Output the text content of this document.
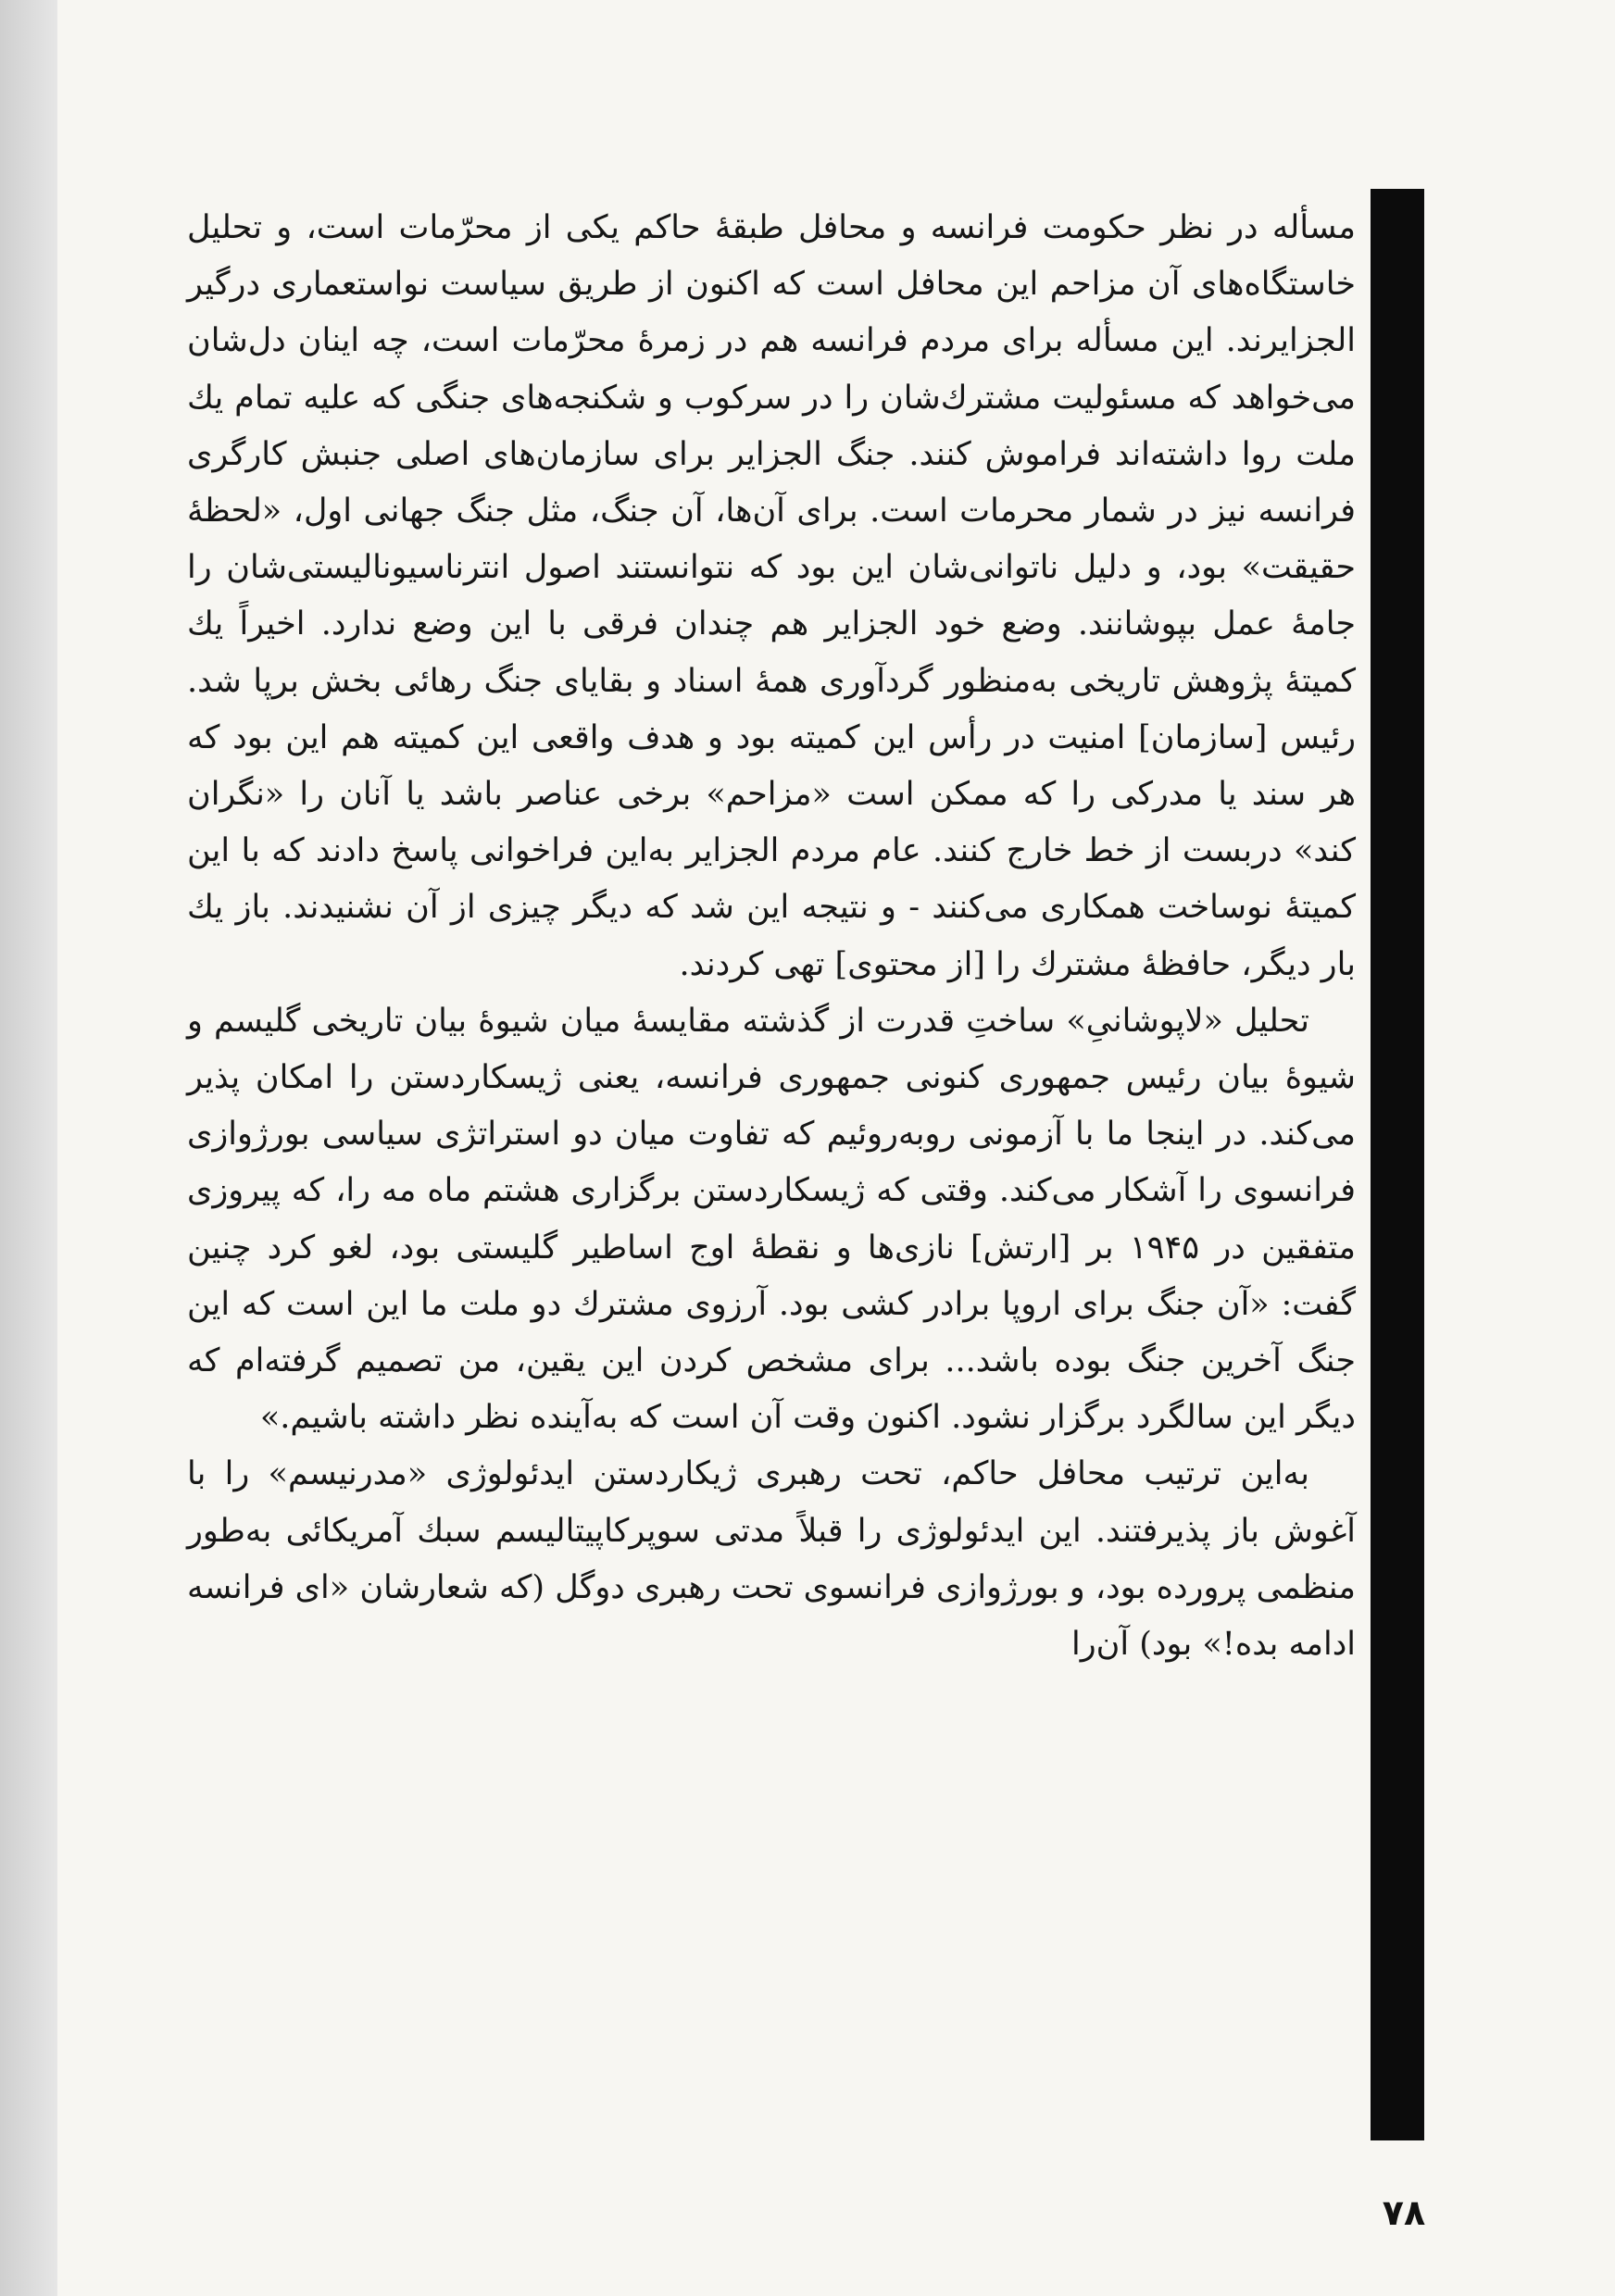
مسأله در نظر حکومت فرانسه و محافل طبقهٔ حاکم یکی از محرّمات است، و تحلیل خاستگاه‌های آن مزاحم این محافل است که اکنون از طریق سیاست نواستعماری درگیر الجزایرند. این مسأله برای مردم فرانسه هم در زمرهٔ محرّمات است، چه اینان دل‌شان می‌خواهد که مسئولیت مشترك‌شان را در سرکوب و شکنجه‌های جنگی که علیه تمام یك ملت روا داشته‌اند فراموش کنند. جنگ الجزایر برای سازمان‌های اصلی جنبش کارگری فرانسه نیز در شمار محرمات است. برای آن‌ها، آن جنگ، مثل جنگ جهانی اول، «لحظهٔ حقیقت» بود، و دلیل ناتوانی‌شان این بود که نتوانستند اصول انترناسیونالیستی‌شان را جامهٔ عمل بپوشانند. وضع خود الجزایر هم چندان فرقی با این وضع ندارد. اخیراً یك کمیتهٔ پژوهش تاریخی به‌منظور گردآوری همهٔ اسناد و بقایای جنگ رهائی بخش برپا شد. رئیس [سازمان] امنیت در رأس این کمیته بود و هدف واقعی این کمیته هم این بود که هر سند یا مدرکی را که ممکن است «مزاحم» برخی عناصر باشد یا آنان را «نگران کند» دربست از خط خارج کنند. عام مردم الجزایر به‌این فراخوانی پاسخ دادند که با این کمیتهٔ نوساخت همکاری می‌کنند - و نتیجه این شد که دیگر چیزی از آن نشنیدند. باز یك بار دیگر، حافظهٔ مشترك را [از محتوی] تهی کردند.

تحلیل «لاپوشانیِ» ساختِ قدرت از گذشته مقایسهٔ میان شیوهٔ بیان تاریخی گلیسم و شیوهٔ بیان رئیس جمهوری کنونی جمهوری فرانسه، یعنی ژیسکاردستن را امکان پذیر می‌کند. در اینجا ما با آزمونی روبه‌روئیم که تفاوت میان دو استراتژی سیاسی بورژوازی فرانسوی را آشکار می‌کند. وقتی که ژیسکاردستن برگزاری هشتم ماه مه را، که پیروزی متفقین در ۱۹۴۵ بر [ارتش] نازی‌ها و نقطهٔ اوج اساطیر گلیستی بود، لغو کرد چنین گفت: «آن جنگ برای اروپا برادر کشی بود. آرزوی مشترك دو ملت ما این است که این جنگ آخرین جنگ بوده باشد... برای مشخص کردن این یقین، من تصمیم گرفته‌ام که دیگر این سالگرد برگزار نشود. اکنون وقت آن است که به‌آینده نظر داشته باشیم.»

به‌این ترتیب محافل حاکم، تحت رهبری ژیکاردستن ایدئولوژی «مدرنیسم» را با آغوش باز پذیرفتند. این ایدئولوژی را قبلاً مدتی سوپرکاپیتالیسم سبك آمریکائی به‌طور منظمی پرورده بود، و بورژوازی فرانسوی تحت رهبری دوگل (که شعارشان «ای فرانسه ادامه بده!» بود) آن‌را

۷۸
